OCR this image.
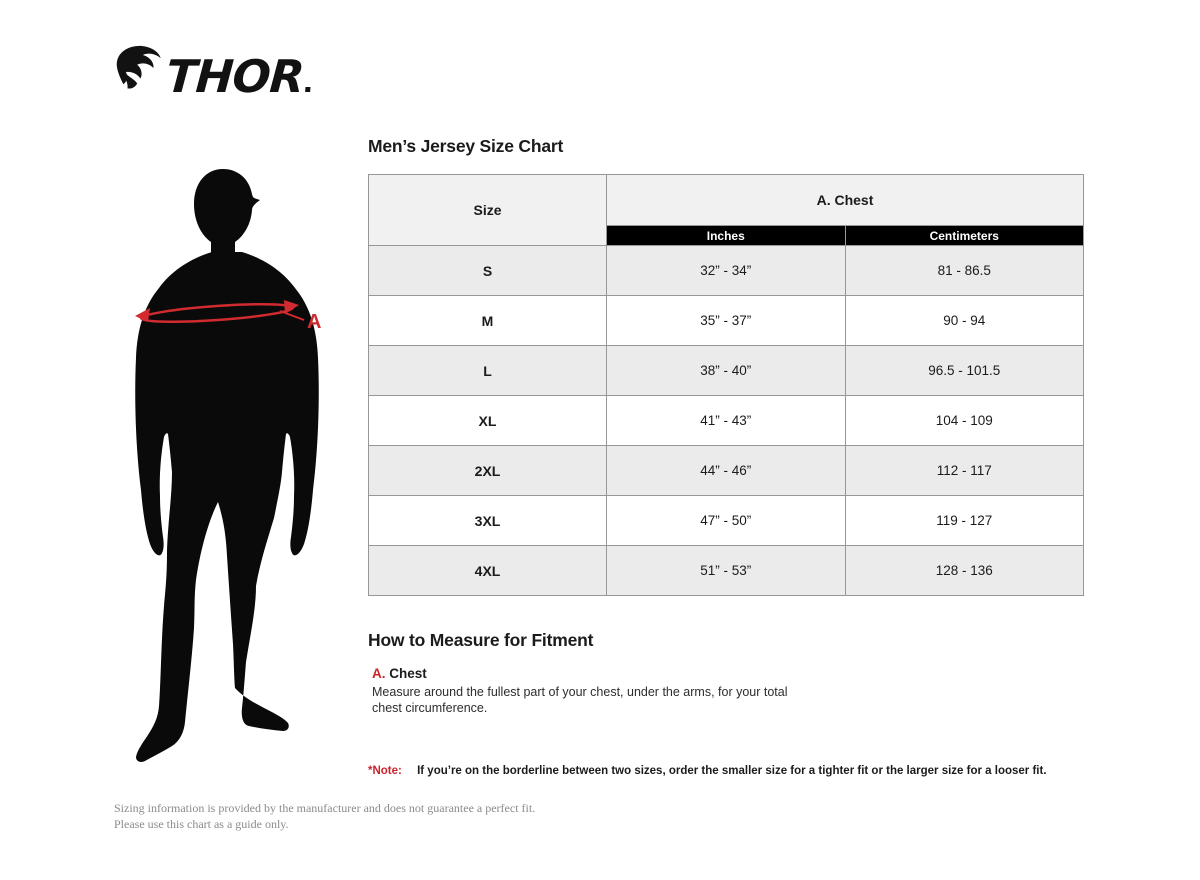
THOR
A
Men’s Jersey Size Chart
Size	A. Chest	
	Inches	Centimeters
S	32” - 34”	81 - 86.5
M	35” - 37”	90 - 94
L	38” - 40”	96.5 - 101.5
XL	41” - 43”	104 - 109
2XL	44” - 46”	112 - 117
3XL	47” - 50”	119 - 127
4XL	51” - 53”	128 - 136
How to Measure for Fitment
A. Chest

Measure around the fullest part of your chest, under the arms, for your total chest circumference.

*Note: If you’re on the borderline between two sizes, order the smaller size for a tighter fit or the larger size for a looser fit.

Sizing information is provided by the manufacturer and does not guarantee a perfect fit.
Please use this chart as a guide only.
